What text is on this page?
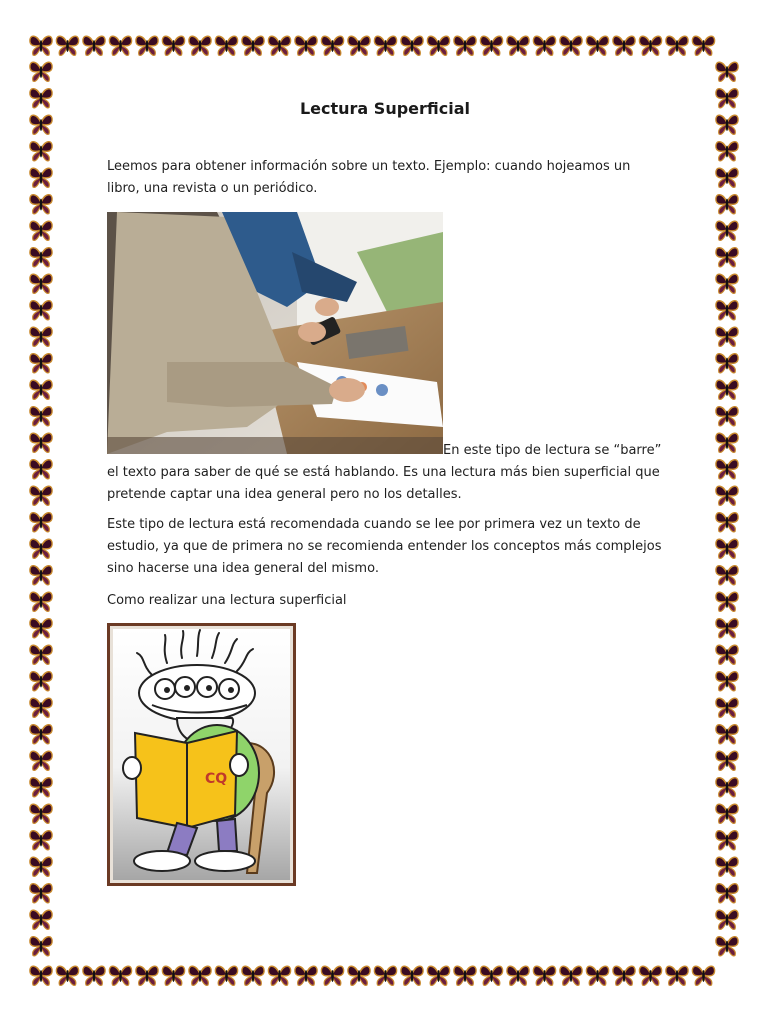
Lectura Superficial
Leemos para obtener información sobre un texto. Ejemplo: cuando hojeamos un libro, una revista o un periódico.
En este tipo de lectura se “barre” el texto para saber de qué se está hablando. Es una lectura más bien superficial que pretende captar una idea general pero no los detalles.
Este tipo de lectura está recomendada cuando se lee por primera vez un texto de estudio, ya que de primera no se recomienda entender los conceptos más complejos sino hacerse una idea general del mismo.
Como realizar una lectura superficial
CQ
